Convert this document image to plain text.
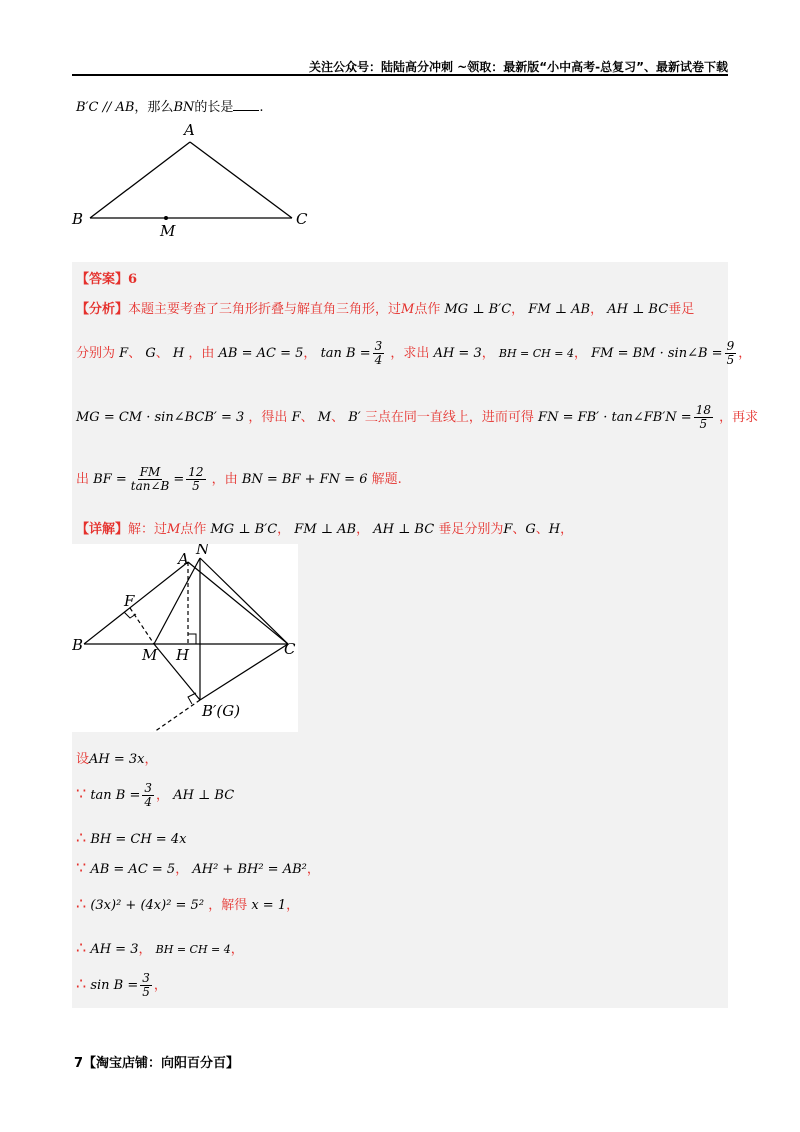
关注公众号：陆陆高分冲刺 ~领取：最新版“小中高考-总复习”、最新试卷下载
B′C // AB，那么BN的长是 .
A
B	C
M
【答案】6
【分析】本题主要考查了三角形折叠与解直角三角形，过M点作 MG ⊥ B′C， FM ⊥ AB， AH ⊥ BC垂足
分别为 F、 G、 H ，由 AB = AC = 5， $\tan B = \frac{3}{4}$ ，求出 AH = 3， BH = CH = 4， FM = BM · sin∠B = $\frac{9}{5}$ ，
MG = CM · sin∠BCB′ = 3 ，得出 F、 M、 B′ 三点在同一直线上，进而可得 FN = FB′ · tan∠FB′N = $\frac{18}{5}$ ，再求
出 BF = $\frac{FM}{\tan\angle B} = \frac{12}{5}$ ，由 BN = BF + FN = 6 解题.
【详解】解：过M点作 MG ⊥ B′C， FM ⊥ AB， AH ⊥ BC 垂足分别为F、G、H，
A
N
F
B
M H	C
B′(G)
设AH = 3x，
∵ $\tan B = \frac{3}{4}$ ， AH ⊥ BC
∴ BH = CH = 4x
∵ AB = AC = 5， AH² + BH² = AB²，
∴ (3x)² + (4x)² = 5² ，解得 x = 1，
∴ AH = 3， BH = CH = 4，
∴ $\sin B = \frac{3}{5}$ ，
7【淘宝店铺：向阳百分百】
